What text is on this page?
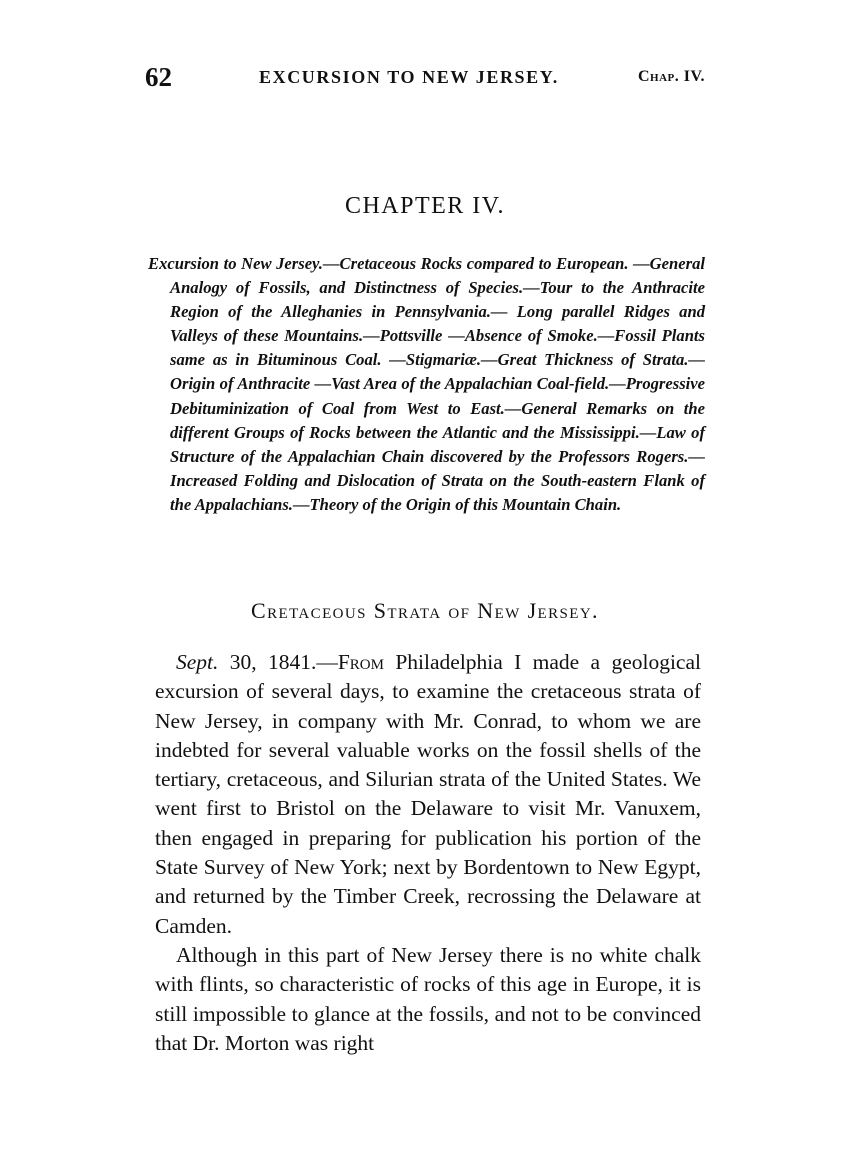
62	EXCURSION TO NEW JERSEY.	Chap. IV.
CHAPTER IV.
Excursion to New Jersey.—Cretaceous Rocks compared to European. —General Analogy of Fossils, and Distinctness of Species.—Tour to the Anthracite Region of the Alleghanies in Pennsylvania.— Long parallel Ridges and Valleys of these Mountains.—Pottsville —Absence of Smoke.—Fossil Plants same as in Bituminous Coal. —Stigmariæ.—Great Thickness of Strata.—Origin of Anthracite —Vast Area of the Appalachian Coal-field.—Progressive Debituminization of Coal from West to East.—General Remarks on the different Groups of Rocks between the Atlantic and the Mississippi.—Law of Structure of the Appalachian Chain discovered by the Professors Rogers.—Increased Folding and Dislocation of Strata on the South-eastern Flank of the Appalachians.—Theory of the Origin of this Mountain Chain.
Cretaceous Strata of New Jersey.

Sept. 30, 1841.—From Philadelphia I made a geological excursion of several days, to examine the cretaceous strata of New Jersey, in company with Mr. Conrad, to whom we are indebted for several valuable works on the fossil shells of the tertiary, cretaceous, and Silurian strata of the United States. We went first to Bristol on the Delaware to visit Mr. Vanuxem, then engaged in preparing for publication his portion of the State Survey of New York; next by Bordentown to New Egypt, and returned by the Timber Creek, recrossing the Delaware at Camden.

Although in this part of New Jersey there is no white chalk with flints, so characteristic of rocks of this age in Europe, it is still impossible to glance at the fossils, and not to be convinced that Dr. Morton was right
